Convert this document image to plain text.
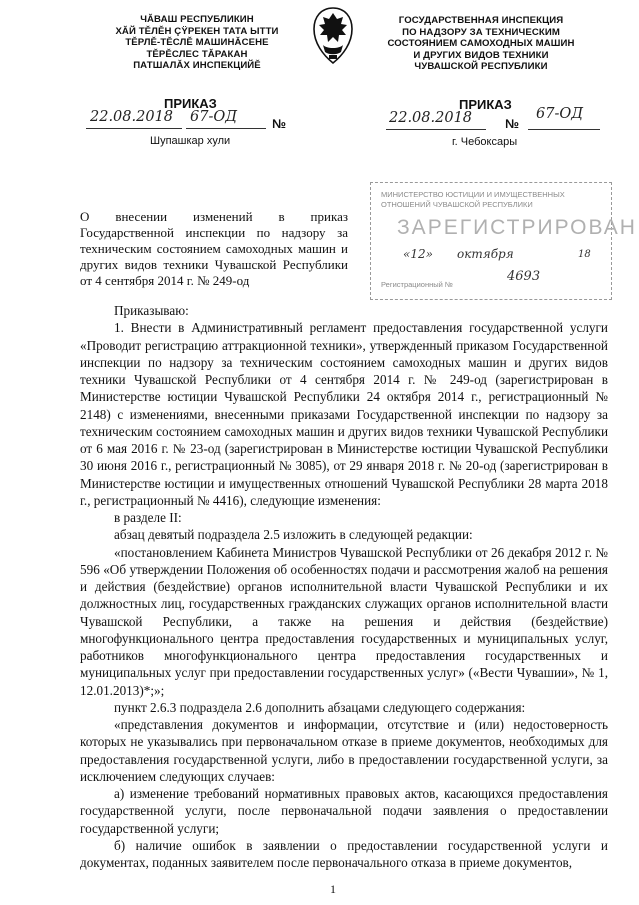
ЧĂВАШ РЕСПУБЛИКИН
ХĂЙ ТĚЛĚН ÇŸРЕКЕН ТАТА ЫТТИ
ТĚРЛĚ-ТĚСЛĚ МАШИНĂСЕНЕ
ТĚРĚСЛЕС ТĂРАКАН
ПАТШАЛĂХ ИНСПЕКЦИЙĚ
ГОСУДАРСТВЕННАЯ ИНСПЕКЦИЯ
ПО НАДЗОРУ ЗА ТЕХНИЧЕСКИМ
СОСТОЯНИЕМ САМОХОДНЫХ МАШИН
И ДРУГИХ ВИДОВ ТЕХНИКИ
ЧУВАШСКОЙ РЕСПУБЛИКИ
ПРИКАЗ
22.08.2018 67-ОД	№
Шупашкар хули
ПРИКАЗ
22.08.2018	№
67-ОД
г. Чебоксары
О внесении изменений в приказ Государственной инспекции по надзору за техническим состоянием самоходных машин и других видов техники Чувашской Республики от 4 сентября 2014 г. № 249-од
МИНИСТЕРСТВО ЮСТИЦИИ И ИМУЩЕСТВЕННЫХ
ОТНОШЕНИЙ ЧУВАШСКОЙ РЕСПУБЛИКИ
ЗАРЕГИСТРИРОВАН
«12» октября	18
4693
Регистрационный №

Приказываю:

1. Внести в Административный регламент предоставления государственной услуги «Проводит регистрацию аттракционной техники», утвержденный приказом Государственной инспекции по надзору за техническим состоянием самоходных машин и других видов техники Чувашской Республики от 4 сентября 2014 г. № 249-од (зарегистрирован в Министерстве юстиции Чувашской Республики 24 октября 2014 г., регистрационный № 2148) с изменениями, внесенными приказами Государственной инспекции по надзору за техническим состоянием самоходных машин и других видов техники Чувашской Республики от 6 мая 2016 г. № 23-од (зарегистрирован в Министерстве юстиции Чувашской Республики 30 июня 2016 г., регистрационный № 3085), от 29 января 2018 г. № 20-од (зарегистрирован в Министерстве юстиции и имущественных отношений Чувашской Республики 28 марта 2018 г., регистрационный № 4416), следующие изменения:

в разделе II:

абзац девятый подраздела 2.5 изложить в следующей редакции:

«постановлением Кабинета Министров Чувашской Республики от 26 декабря 2012 г. № 596 «Об утверждении Положения об особенностях подачи и рассмотрения жалоб на решения и действия (бездействие) органов исполнительной власти Чувашской Республики и их должностных лиц, государственных гражданских служащих органов исполнительной власти Чувашской Республики, а также на решения и действия (бездействие) многофункционального центра предоставления государственных и муниципальных услуг, работников многофункционального центра предоставления государственных и муниципальных услуг при предоставлении государственных услуг» («Вести Чувашии», № 1, 12.01.2013)*;»;

пункт 2.6.3 подраздела 2.6 дополнить абзацами следующего содержания:

«представления документов и информации, отсутствие и (или) недостоверность которых не указывались при первоначальном отказе в приеме документов, необходимых для предоставления государственной услуги, либо в предоставлении государственной услуги, за исключением следующих случаев:

а) изменение требований нормативных правовых актов, касающихся предоставления государственной услуги, после первоначальной подачи заявления о предоставлении государственной услуги;

б) наличие ошибок в заявлении о предоставлении государственной услуги и документах, поданных заявителем после первоначального отказа в приеме документов,

1
